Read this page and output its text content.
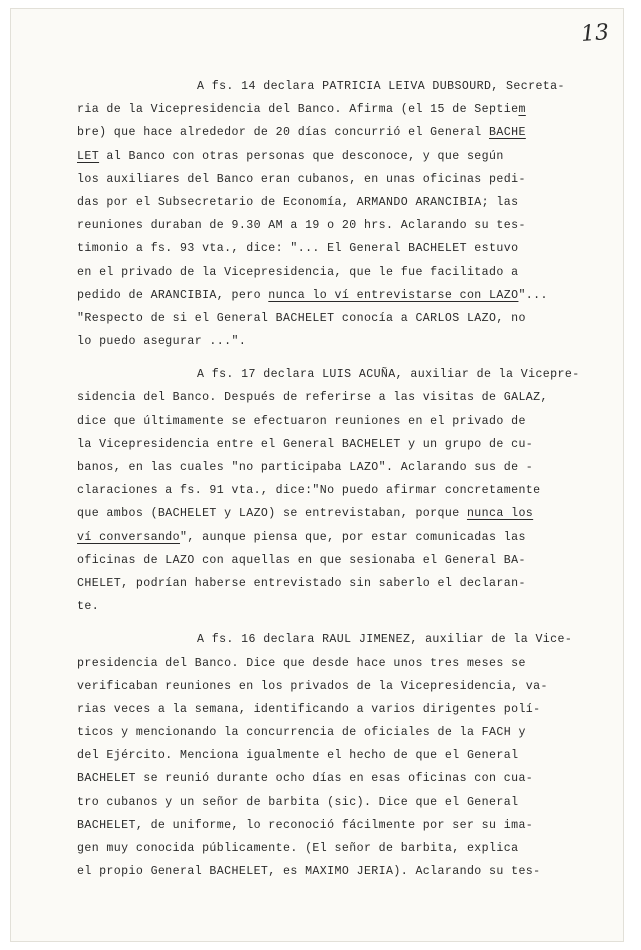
13
A fs. 14 declara PATRICIA LEIVA DUBSOURD, Secreta-
ria de la Vicepresidencia del Banco. Afirma (el 15 de Septiem
bre) que hace alrededor de 20 días concurrió el General BACHE
LET al Banco con otras personas que desconoce, y que según
los auxiliares del Banco eran cubanos, en unas oficinas pedi-
das por el Subsecretario de Economía, ARMANDO ARANCIBIA; las
reuniones duraban de 9.30 AM a 19 o 20 hrs. Aclarando su tes-
timonio a fs. 93 vta., dice: "... El General BACHELET estuvo
en el privado de la Vicepresidencia, que le fue facilitado a
pedido de ARANCIBIA, pero nunca lo ví entrevistarse con LAZO"...
"Respecto de si el General BACHELET conocía a CARLOS LAZO, no
lo puedo asegurar ...".
A fs. 17 declara LUIS ACUÑA, auxiliar de la Vicepre-
sidencia del Banco. Después de referirse a las visitas de GALAZ,
dice que últimamente se efectuaron reuniones en el privado de
la Vicepresidencia entre el General BACHELET y un grupo de cu-
banos, en las cuales "no participaba LAZO". Aclarando sus de -
claraciones a fs. 91 vta., dice:"No puedo afirmar concretamente
que ambos (BACHELET y LAZO) se entrevistaban, porque nunca los
ví conversando", aunque piensa que, por estar comunicadas las
oficinas de LAZO con aquellas en que sesionaba el General BA-
CHELET, podrían haberse entrevistado sin saberlo el declaran-
te.
A fs. 16 declara RAUL JIMENEZ, auxiliar de la Vice-
presidencia del Banco. Dice que desde hace unos tres meses se
verificaban reuniones en los privados de la Vicepresidencia, va-
rias veces a la semana, identificando a varios dirigentes polí-
ticos y mencionando la concurrencia de oficiales de la FACH y
del Ejército. Menciona igualmente el hecho de que el General
BACHELET se reunió durante ocho días en esas oficinas con cua-
tro cubanos y un señor de barbita (sic). Dice que el General
BACHELET, de uniforme, lo reconoció fácilmente por ser su ima-
gen muy conocida públicamente. (El señor de barbita, explica
el propio General BACHELET, es MAXIMO JERIA). Aclarando su tes-
